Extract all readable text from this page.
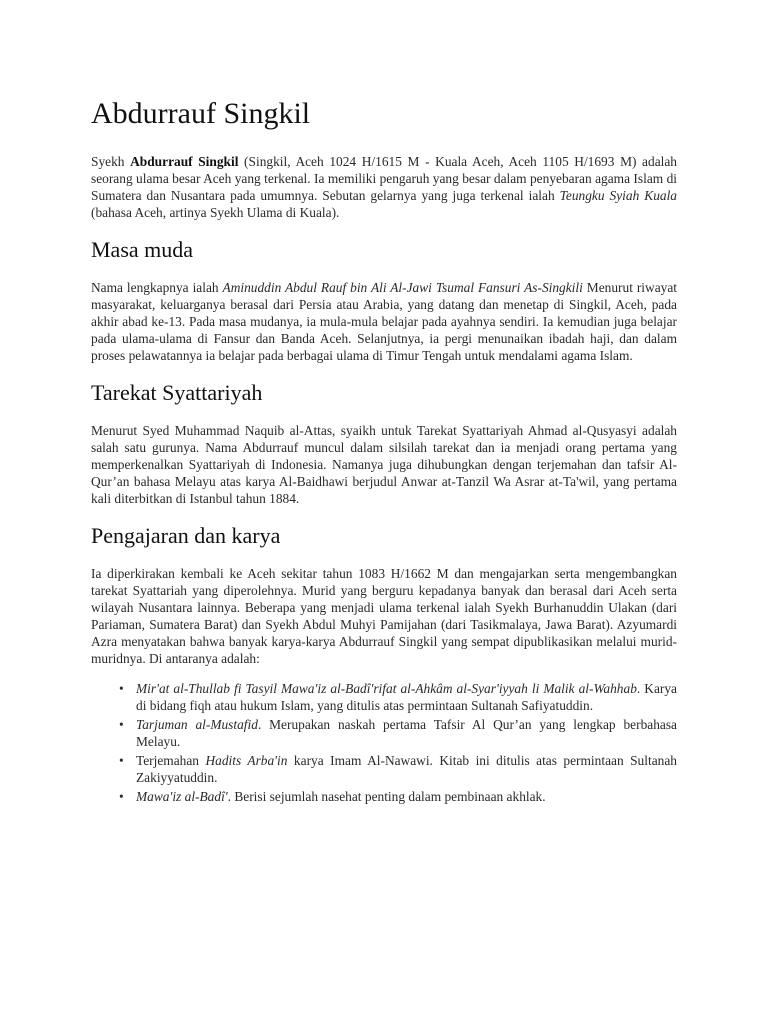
Abdurrauf Singkil

Syekh Abdurrauf Singkil (Singkil, Aceh 1024 H/1615 M - Kuala Aceh, Aceh 1105 H/1693 M) adalah seorang ulama besar Aceh yang terkenal. Ia memiliki pengaruh yang besar dalam penyebaran agama Islam di Sumatera dan Nusantara pada umumnya. Sebutan gelarnya yang juga terkenal ialah Teungku Syiah Kuala (bahasa Aceh, artinya Syekh Ulama di Kuala).

Masa muda

Nama lengkapnya ialah Aminuddin Abdul Rauf bin Ali Al-Jawi Tsumal Fansuri As-Singkili Menurut riwayat masyarakat, keluarganya berasal dari Persia atau Arabia, yang datang dan menetap di Singkil, Aceh, pada akhir abad ke-13. Pada masa mudanya, ia mula-mula belajar pada ayahnya sendiri. Ia kemudian juga belajar pada ulama-ulama di Fansur dan Banda Aceh. Selanjutnya, ia pergi menunaikan ibadah haji, dan dalam proses pelawatannya ia belajar pada berbagai ulama di Timur Tengah untuk mendalami agama Islam.

Tarekat Syattariyah

Menurut Syed Muhammad Naquib al-Attas, syaikh untuk Tarekat Syattariyah Ahmad al-Qusyasyi adalah salah satu gurunya. Nama Abdurrauf muncul dalam silsilah tarekat dan ia menjadi orang pertama yang memperkenalkan Syattariyah di Indonesia. Namanya juga dihubungkan dengan terjemahan dan tafsir Al-Qur’an bahasa Melayu atas karya Al-Baidhawi berjudul Anwar at-Tanzil Wa Asrar at-Ta'wil, yang pertama kali diterbitkan di Istanbul tahun 1884.

Pengajaran dan karya

Ia diperkirakan kembali ke Aceh sekitar tahun 1083 H/1662 M dan mengajarkan serta mengembangkan tarekat Syattariah yang diperolehnya. Murid yang berguru kepadanya banyak dan berasal dari Aceh serta wilayah Nusantara lainnya. Beberapa yang menjadi ulama terkenal ialah Syekh Burhanuddin Ulakan (dari Pariaman, Sumatera Barat) dan Syekh Abdul Muhyi Pamijahan (dari Tasikmalaya, Jawa Barat). Azyumardi Azra menyatakan bahwa banyak karya-karya Abdurrauf Singkil yang sempat dipublikasikan melalui murid-muridnya. Di antaranya adalah:

• Mir'at al-Thullab fi Tasyil Mawa'iz al-Badî'rifat al-Ahkâm al-Syar'iyyah li Malik al-Wahhab. Karya di bidang fiqh atau hukum Islam, yang ditulis atas permintaan Sultanah Safiyatuddin.
• Tarjuman al-Mustafid. Merupakan naskah pertama Tafsir Al Qur’an yang lengkap berbahasa Melayu.
• Terjemahan Hadits Arba'in karya Imam Al-Nawawi. Kitab ini ditulis atas permintaan Sultanah Zakiyyatuddin.
• Mawa'iz al-Badî'. Berisi sejumlah nasehat penting dalam pembinaan akhlak.
